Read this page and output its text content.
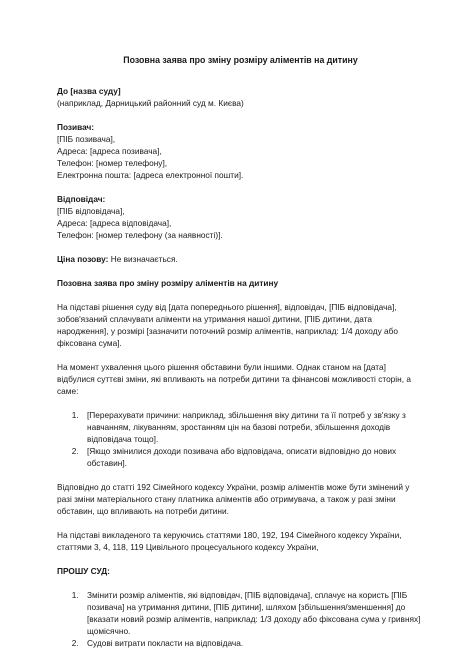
Позовна заява про зміну розміру аліментів на дитину
До [назва суду]
(наприклад, Дарницький районний суд м. Києва)
Позивач:
[ПІБ позивача],
Адреса: [адреса позивача],
Телефон: [номер телефону],
Електронна пошта: [адреса електронної пошти].
Відповідач:
[ПІБ відповідача],
Адреса: [адреса відповідача],
Телефон: [номер телефону (за наявності)].
Ціна позову: Не визначається.
Позовна заява про зміну розміру аліментів на дитину

На підставі рішення суду від [дата попереднього рішення], відповідач, [ПІБ відповідача], зобов'язаний сплачувати аліменти на утримання нашої дитини, [ПІБ дитини, дата народження], у розмірі [зазначити поточний розмір аліментів, наприклад: 1/4 доходу або фіксована сума].

На момент ухвалення цього рішення обставини були іншими. Однак станом на [дата] відбулися суттєві зміни, які впливають на потреби дитини та фінансові можливості сторін, а саме:

1. [Перерахувати причини: наприклад, збільшення віку дитини та її потреб у зв'язку з навчанням, лікуванням, зростанням цін на базові потреби, збільшення доходів відповідача тощо].
2. [Якщо змінилися доходи позивача або відповідача, описати відповідно до нових обставин].

Відповідно до статті 192 Сімейного кодексу України, розмір аліментів може бути змінений у разі зміни матеріального стану платника аліментів або отримувача, а також у разі зміни обставин, що впливають на потреби дитини.

На підставі викладеного та керуючись статтями 180, 192, 194 Сімейного кодексу України, статтями 3, 4, 118, 119 Цивільного процесуального кодексу України,

ПРОШУ СУД:
1. Змінити розмір аліментів, які відповідач, [ПІБ відповідача], сплачує на користь [ПІБ позивача] на утримання дитини, [ПІБ дитини], шляхом [збільшення/зменшення] до [вказати новий розмір аліментів, наприклад: 1/3 доходу або фіксована сума у гривнях] щомісячно.
2. Судові витрати покласти на відповідача.
